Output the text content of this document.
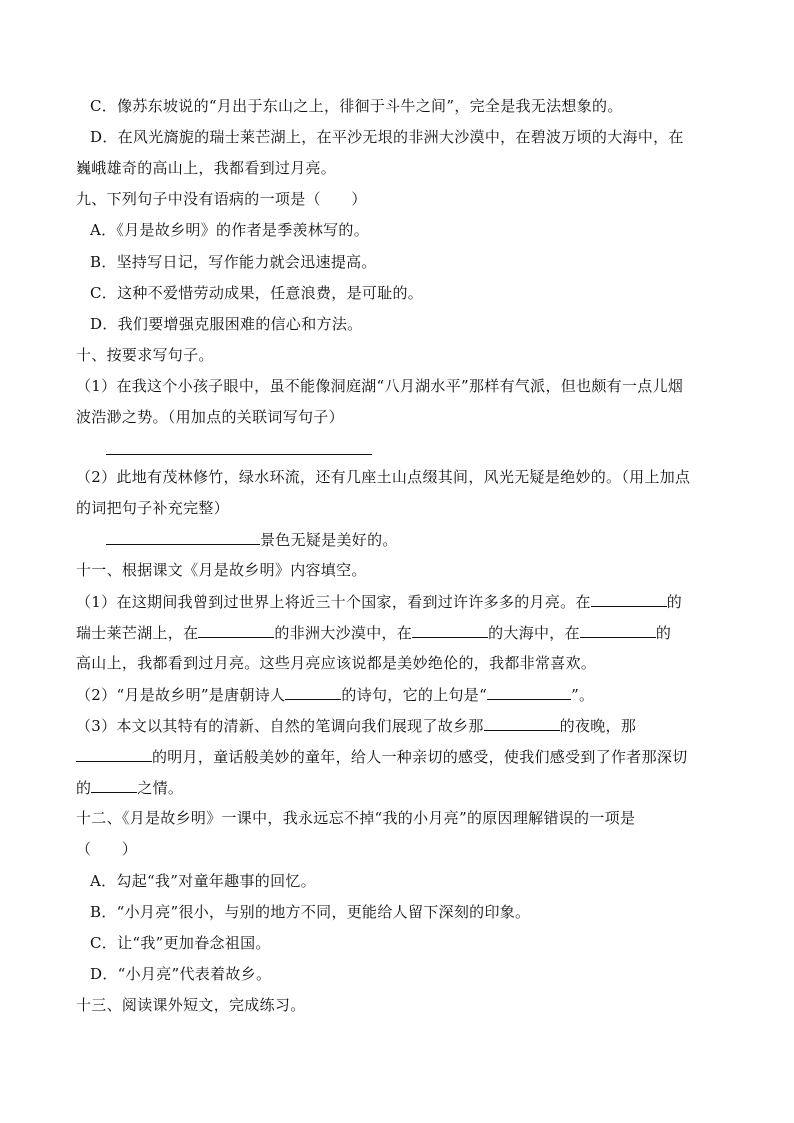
C．像苏东坡说的“月出于东山之上，徘徊于斗牛之间”，完全是我无法想象的。
D．在风光旖旎的瑞士莱芒湖上，在平沙无垠的非洲大沙漠中，在碧波万顷的大海中，在
巍峨雄奇的高山上，我都看到过月亮。
九、下列句子中没有语病的一项是（　　）
A．《月是故乡明》的作者是季羡林写的。
B．坚持写日记，写作能力就会迅速提高。
C．这种不爱惜劳动成果，任意浪费，是可耻的。
D．我们要增强克服困难的信心和方法。
十、按要求写句子。
（1）在我这个小孩子眼中，虽不能像洞庭湖“八月湖水平”那样有气派，但也颇有一点儿烟
波浩渺之势。（用加点的关联词写句子）
（2）此地有茂林修竹，绿水环流，还有几座土山点缀其间，风光无疑是绝妙的。（用上加点
的词把句子补充完整）
景色无疑是美好的。
十一、根据课文《月是故乡明》内容填空。
（1）在这期间我曾到过世界上将近三十个国家，看到过许许多多的月亮。在	的
瑞士莱芒湖上，在	的非洲大沙漠中，在	的大海中，在	的
高山上，我都看到过月亮。这些月亮应该说都是美妙绝伦的，我都非常喜欢。
（2）“月是故乡明”是唐朝诗人	的诗句，它的上句是“	”。
（3）本文以其特有的清新、自然的笔调向我们展现了故乡那	的夜晚，那
的明月，童话般美妙的童年，给人一种亲切的感受，使我们感受到了作者那深切
的	之情。
十二、《月是故乡明》一课中，我永远忘不掉“我的小月亮”的原因理解错误的一项是
（　　）
A．勾起“我”对童年趣事的回忆。
B．“小月亮”很小，与别的地方不同，更能给人留下深刻的印象。
C．让“我”更加眷念祖国。
D．“小月亮”代表着故乡。
十三、阅读课外短文，完成练习。
